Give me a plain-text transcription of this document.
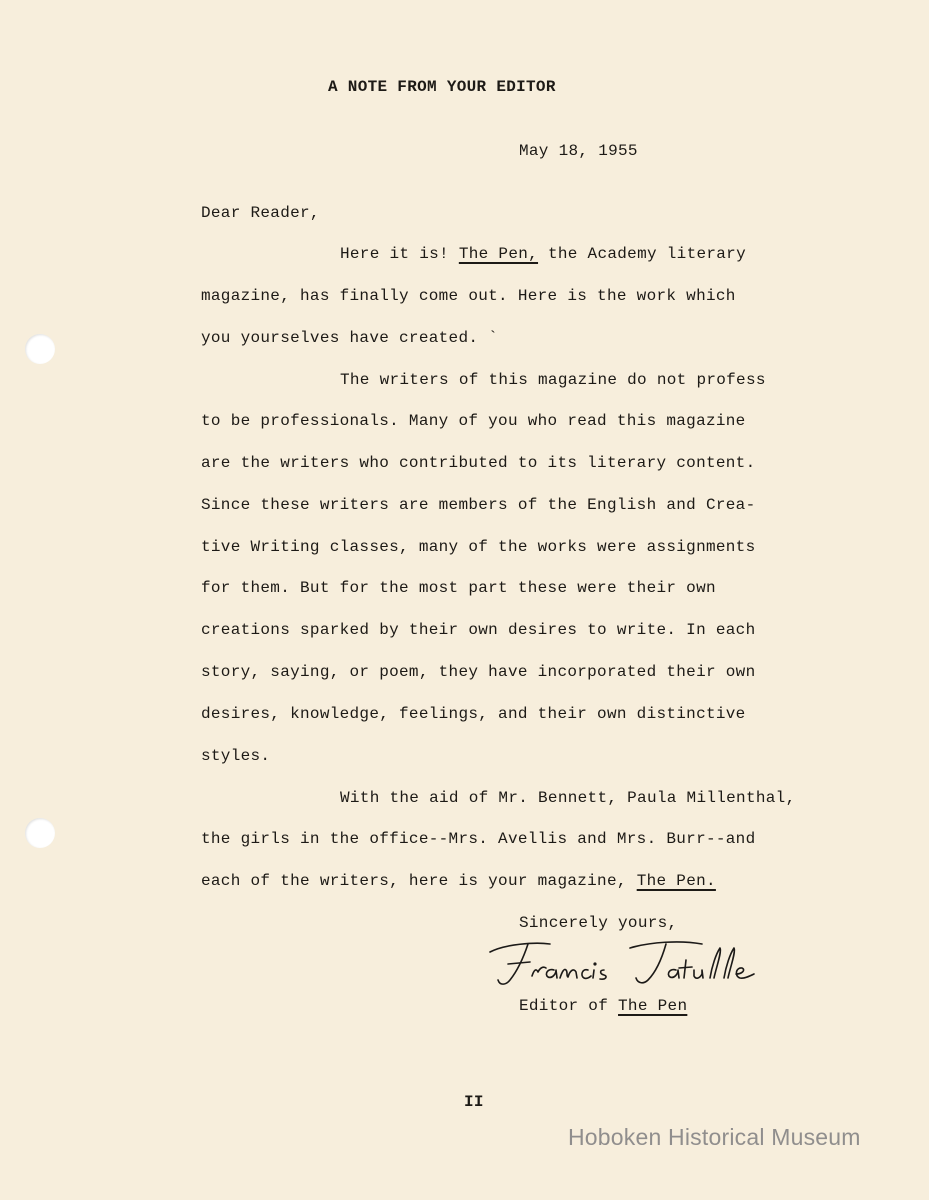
A NOTE FROM YOUR EDITOR
May 18, 1955
Dear Reader,
Here it is! The Pen, the Academy literary
magazine, has finally come out. Here is the work which
you yourselves have created. `
The writers of this magazine do not profess
to be professionals. Many of you who read this magazine
are the writers who contributed to its literary content.
Since these writers are members of the English and Crea-
tive Writing classes, many of the works were assignments
for them. But for the most part these were their own
creations sparked by their own desires to write. In each
story, saying, or poem, they have incorporated their own
desires, knowledge, feelings, and their own distinctive
styles.
With the aid of Mr. Bennett, Paula Millenthal,
the girls in the office--Mrs. Avellis and Mrs. Burr--and
each of the writers, here is your magazine, The Pen.
Sincerely yours,
Editor of The Pen
II
Hoboken Historical Museum
